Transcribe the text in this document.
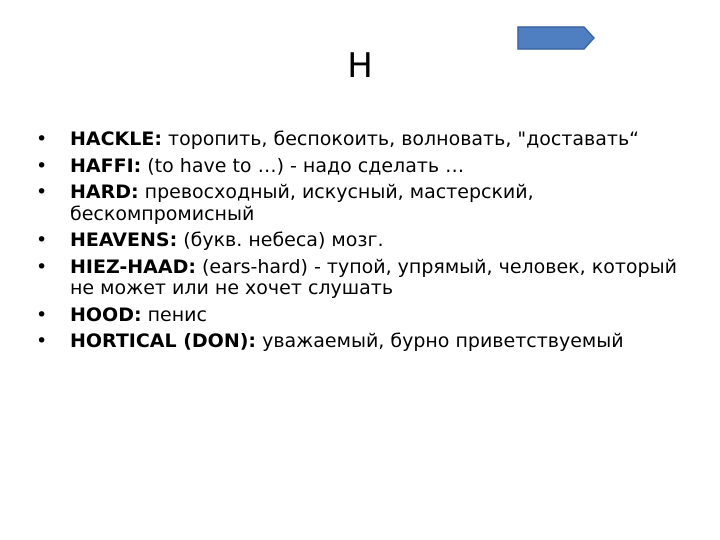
H
•	HACKLE: торопить, беспокоить, волновать, "доставать“
•	HAFFI: (to have to …) - надо сделать …
•	HARD: превосходный, искусный, мастерский, бескомпромисный
•	HEAVENS: (букв. небеса) мозг.
•	HIEZ-HAAD: (ears-hard) - тупой, упрямый, человек, который не может или не хочет слушать
•	HOOD: пенис
•	HORTICAL (DON): уважаемый, бурно приветствуемый
